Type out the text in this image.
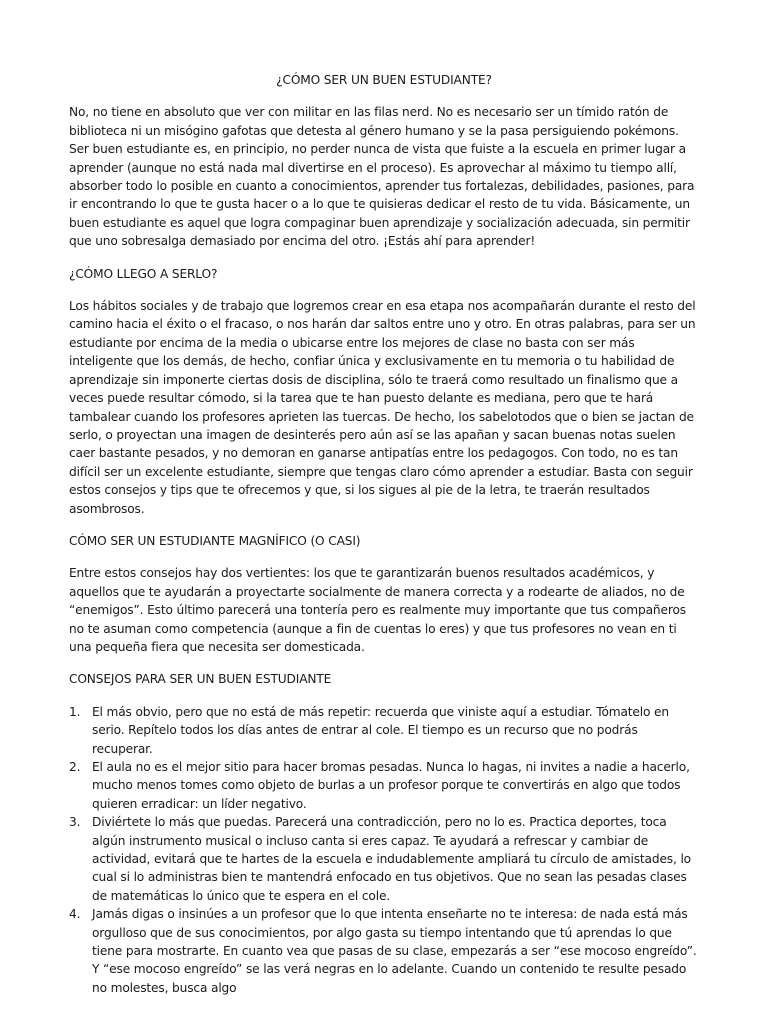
¿CÓMO SER UN BUEN ESTUDIANTE?

No, no tiene en absoluto que ver con militar en las filas nerd. No es necesario ser un tímido ratón de biblioteca ni un misógino gafotas que detesta al género humano y se la pasa persiguiendo pokémons. Ser buen estudiante es, en principio, no perder nunca de vista que fuiste a la escuela en primer lugar a aprender (aunque no está nada mal divertirse en el proceso). Es aprovechar al máximo tu tiempo allí, absorber todo lo posible en cuanto a conocimientos, aprender tus fortalezas, debilidades, pasiones, para ir encontrando lo que te gusta hacer o a lo que te quisieras dedicar el resto de tu vida. Básicamente, un buen estudiante es aquel que logra compaginar buen aprendizaje y socialización adecuada, sin permitir que uno sobresalga demasiado por encima del otro. ¡Estás ahí para aprender!

¿CÓMO LLEGO A SERLO?

Los hábitos sociales y de trabajo que logremos crear en esa etapa nos acompañarán durante el resto del camino hacia el éxito o el fracaso, o nos harán dar saltos entre uno y otro. En otras palabras, para ser un estudiante por encima de la media o ubicarse entre los mejores de clase no basta con ser más inteligente que los demás, de hecho, confiar única y exclusivamente en tu memoria o tu habilidad de aprendizaje sin imponerte ciertas dosis de disciplina, sólo te traerá como resultado un finalismo que a veces puede resultar cómodo, si la tarea que te han puesto delante es mediana, pero que te hará tambalear cuando los profesores aprieten las tuercas. De hecho, los sabelotodos que o bien se jactan de serlo, o proyectan una imagen de desinterés pero aún así se las apañan y sacan buenas notas suelen caer bastante pesados, y no demoran en ganarse antipatías entre los pedagogos. Con todo, no es tan difícil ser un excelente estudiante, siempre que tengas claro cómo aprender a estudiar. Basta con seguir estos consejos y tips que te ofrecemos y que, si los sigues al pie de la letra, te traerán resultados asombrosos.

CÓMO SER UN ESTUDIANTE MAGNÍFICO (O CASI)

Entre estos consejos hay dos vertientes: los que te garantizarán buenos resultados académicos, y aquellos que te ayudarán a proyectarte socialmente de manera correcta y a rodearte de aliados, no de “enemigos”. Esto último parecerá una tontería pero es realmente muy importante que tus compañeros no te asuman como competencia (aunque a fin de cuentas lo eres) y que tus profesores no vean en ti una pequeña fiera que necesita ser domesticada.

CONSEJOS PARA SER UN BUEN ESTUDIANTE

1. El más obvio, pero que no está de más repetir: recuerda que viniste aquí a estudiar. Tómatelo en serio. Repítelo todos los días antes de entrar al cole. El tiempo es un recurso que no podrás recuperar.
2. El aula no es el mejor sitio para hacer bromas pesadas. Nunca lo hagas, ni invites a nadie a hacerlo, mucho menos tomes como objeto de burlas a un profesor porque te convertirás en algo que todos quieren erradicar: un líder negativo.
3. Diviértete lo más que puedas. Parecerá una contradicción, pero no lo es. Practica deportes, toca algún instrumento musical o incluso canta si eres capaz. Te ayudará a refrescar y cambiar de actividad, evitará que te hartes de la escuela e indudablemente ampliará tu círculo de amistades, lo cual si lo administras bien te mantendrá enfocado en tus objetivos. Que no sean las pesadas clases de matemáticas lo único que te espera en el cole.
4. Jamás digas o insinúes a un profesor que lo que intenta enseñarte no te interesa: de nada está más orgulloso que de sus conocimientos, por algo gasta su tiempo intentando que tú aprendas lo que tiene para mostrarte. En cuanto vea que pasas de su clase, empezarás a ser “ese mocoso engreído”. Y “ese mocoso engreído” se las verá negras en lo adelante. Cuando un contenido te resulte pesado no molestes, busca algo
